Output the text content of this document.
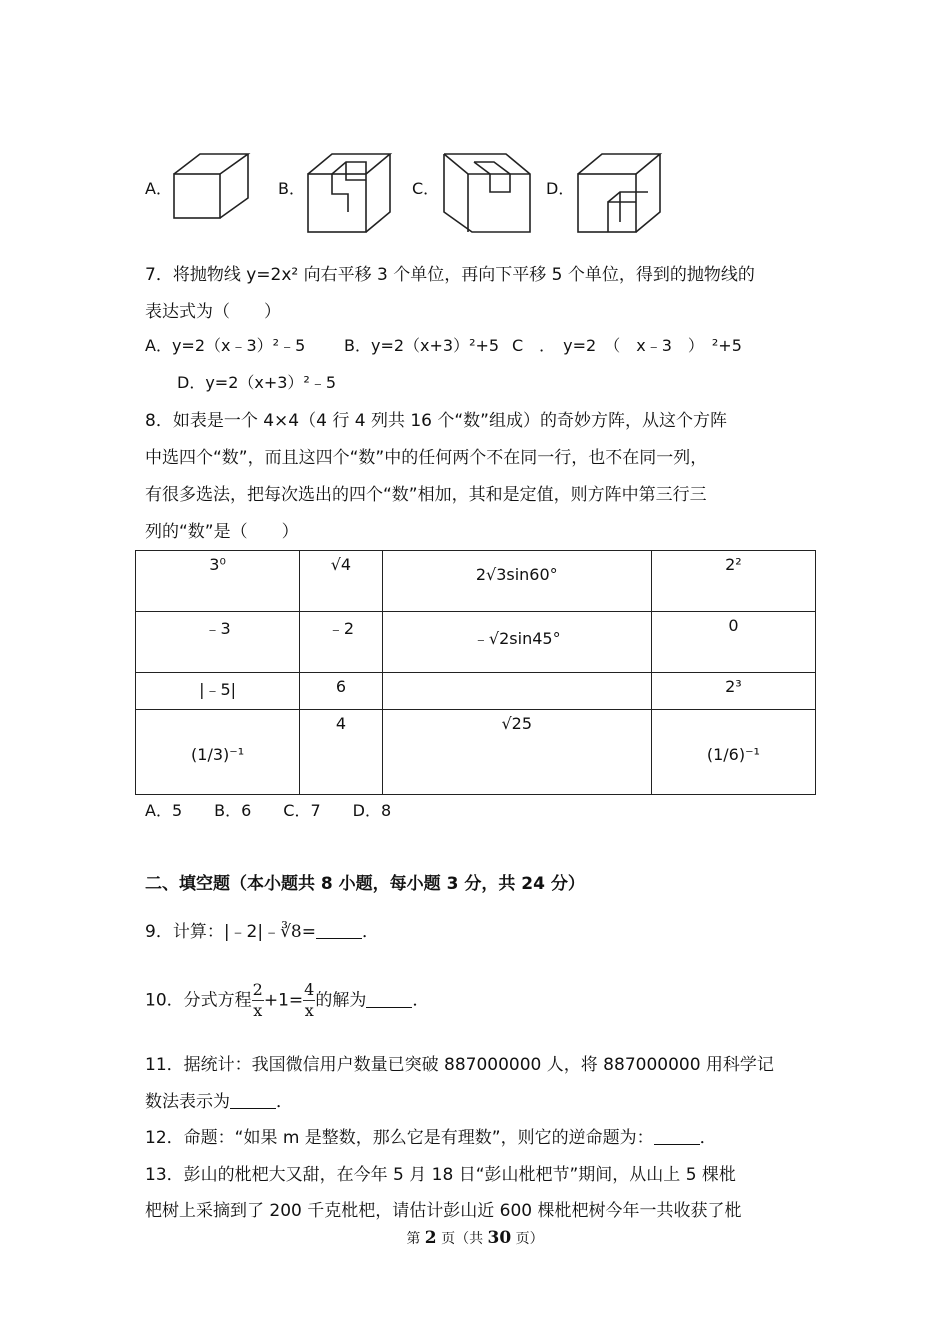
A．	B．	C．	D．
7．将抛物线 y=2x² 向右平移 3 个单位，再向下平移 5 个单位，得到的抛物线的
表达式为（　　）
A．y=2（x﹣3）²﹣5 B．y=2（x+3）²+5 C　．　y=2　（　x﹣3　）　²+5
D．y=2（x+3）²﹣5
8．如表是一个 4×4（4 行 4 列共 16 个“数”组成）的奇妙方阵，从这个方阵
中选四个“数”，而且这四个“数”中的任何两个不在同一行，也不在同一列，
有很多选法，把每次选出的四个“数”相加，其和是定值，则方阵中第三行三
列的“数”是（　　）
3⁰	√4	2√3sin60°	2²
﹣3	﹣2	﹣√2sin45°	0
|﹣5|	6		2³
(1/3)⁻¹	4	√25	(1/6)⁻¹
A．5　　B．6　　C．7　　D．8
二、填空题（本小题共 8 小题，每小题 3 分，共 24 分）
9．计算：|﹣2|﹣∛8=	．
10．分式方程 $\frac{2}{x}+1= \frac{4}{x}$的解为	．
11．据统计：我国微信用户数量已突破 887000000 人，将 887000000 用科学记
数法表示为	．
12．命题：“如果 m 是整数，那么它是有理数”，则它的逆命题为：	．
13．彭山的枇杷大又甜，在今年 5 月 18 日“彭山枇杷节”期间，从山上 5 棵枇
杷树上采摘到了 200 千克枇杷，请估计彭山近 600 棵枇杷树今年一共收获了枇
第 2 页（共 30 页）
